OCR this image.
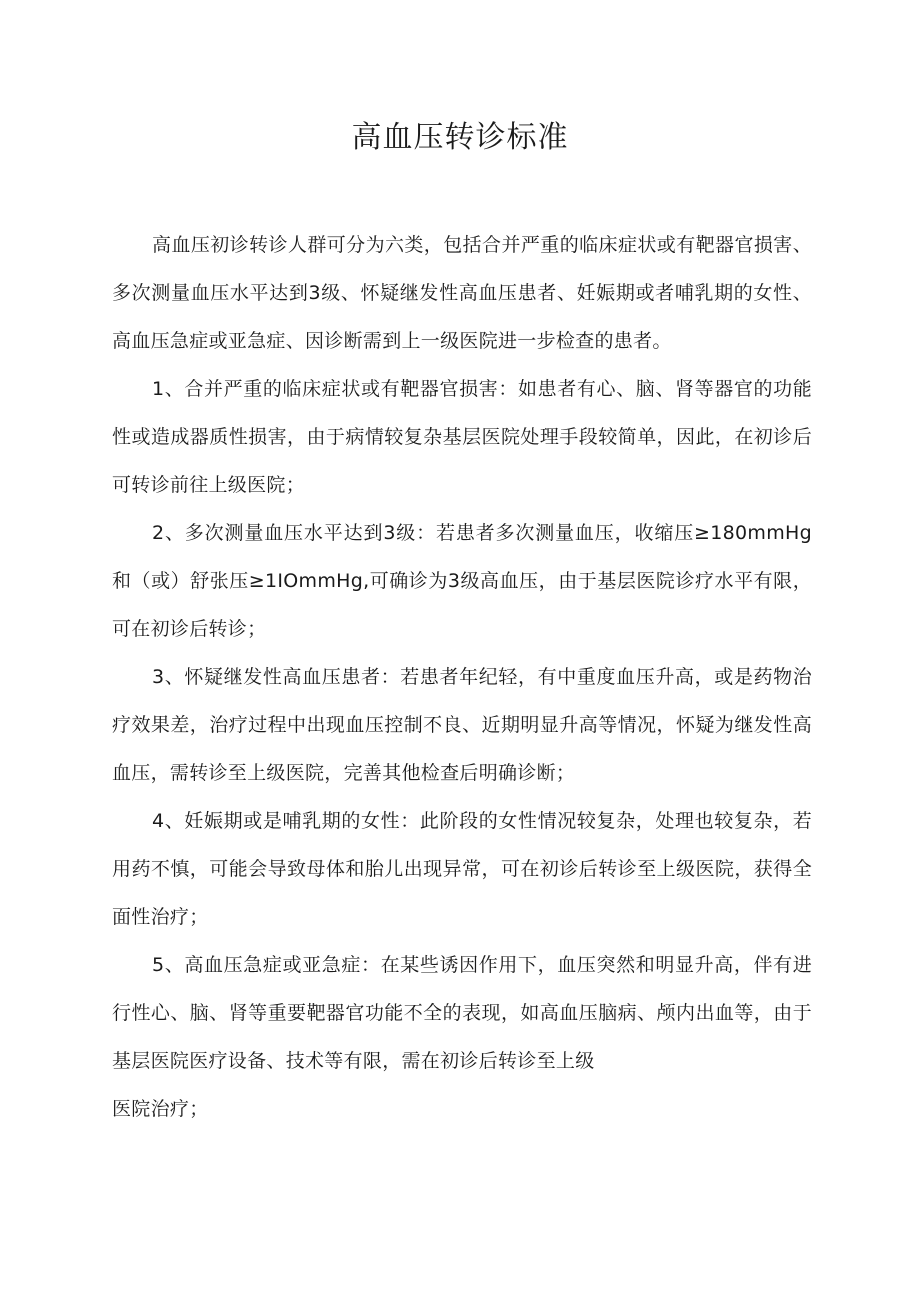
高血压转诊标准

高血压初诊转诊人群可分为六类，包括合并严重的临床症状或有靶器官损害、多次测量血压水平达到3级、怀疑继发性高血压患者、妊娠期或者哺乳期的女性、高血压急症或亚急症、因诊断需到上一级医院进一步检查的患者。

1、合并严重的临床症状或有靶器官损害：如患者有心、脑、肾等器官的功能性或造成器质性损害，由于病情较复杂基层医院处理手段较简单，因此，在初诊后可转诊前往上级医院；

2、多次测量血压水平达到3级：若患者多次测量血压，收缩压≥180mmHg和（或）舒张压≥1IOmmHg,可确诊为3级高血压，由于基层医院诊疗水平有限，可在初诊后转诊；

3、怀疑继发性高血压患者：若患者年纪轻，有中重度血压升高，或是药物治疗效果差，治疗过程中出现血压控制不良、近期明显升高等情况，怀疑为继发性高血压，需转诊至上级医院，完善其他检查后明确诊断；

4、妊娠期或是哺乳期的女性：此阶段的女性情况较复杂，处理也较复杂，若用药不慎，可能会导致母体和胎儿出现异常，可在初诊后转诊至上级医院，获得全面性治疗；

5、高血压急症或亚急症：在某些诱因作用下，血压突然和明显升高，伴有进行性心、脑、肾等重要靶器官功能不全的表现，如高血压脑病、颅内出血等，由于基层医院医疗设备、技术等有限，需在初诊后转诊至上级

医院治疗；
